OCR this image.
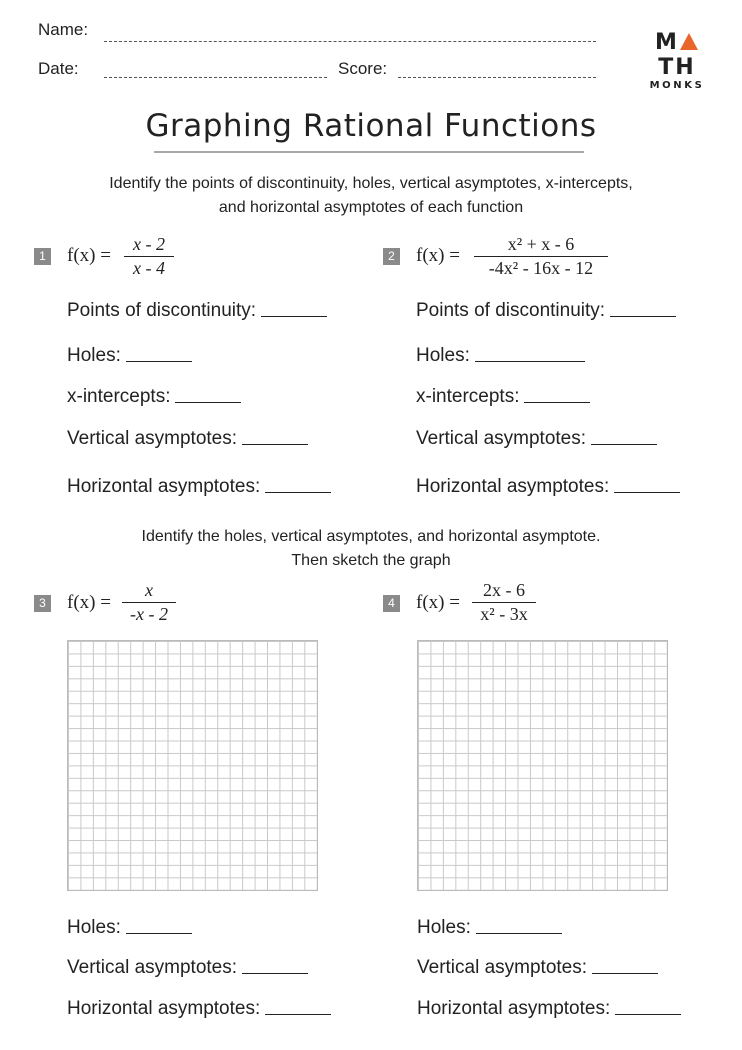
Name:
Date:	Score:
MTH
MONKS
Graphing Rational Functions
Identify the points of discontinuity, holes, vertical asymptotes, x-intercepts,
and horizontal asymptotes of each function
1 $f(x) = \frac{x - 2}{x - 4}$
Points of discontinuity:
Holes:
x-intercepts:
Vertical asymptotes:
Horizontal asymptotes:
2 $f(x) = \frac{\text{x² + x - 6}}{\text{-4x² - 16x - 12}}$
Points of discontinuity:
Holes:
x-intercepts:
Vertical asymptotes:
Horizontal asymptotes:
Identify the holes, vertical asymptotes, and horizontal asymptote.
Then sketch the graph
3 $f(x) = \frac{x}{-x - 2}$
Holes:
Vertical asymptotes:
Horizontal asymptotes:
4 $f(x) = \frac{2x - 6}{\text{x² - 3x}}$
Holes:
Vertical asymptotes:
Horizontal asymptotes:
